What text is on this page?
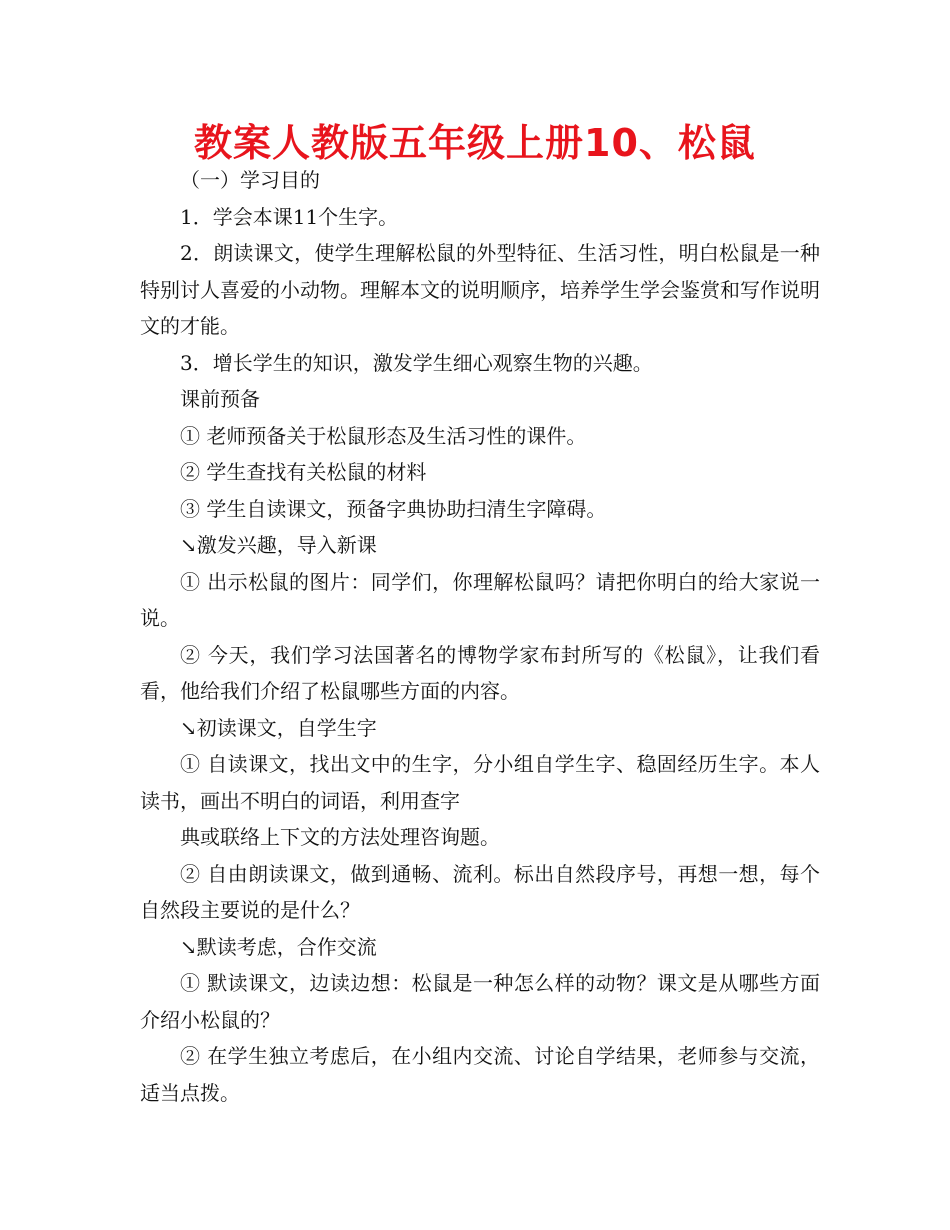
教案人教版五年级上册10、松鼠

（一）学习目的

1．学会本课11个生字。

2．朗读课文，使学生理解松鼠的外型特征、生活习性，明白松鼠是一种特别讨人喜爱的小动物。理解本文的说明顺序，培养学生学会鉴赏和写作说明文的才能。

3．增长学生的知识，激发学生细心观察生物的兴趣。

课前预备

① 老师预备关于松鼠形态及生活习性的课件。

② 学生查找有关松鼠的材料

③ 学生自读课文，预备字典协助扫清生字障碍。

↘激发兴趣，导入新课

① 出示松鼠的图片：同学们，你理解松鼠吗？请把你明白的给大家说一说。

② 今天，我们学习法国著名的博物学家布封所写的《松鼠》，让我们看看，他给我们介绍了松鼠哪些方面的内容。

↘初读课文，自学生字

① 自读课文，找出文中的生字，分小组自学生字、稳固经历生字。本人读书，画出不明白的词语，利用查字

典或联络上下文的方法处理咨询题。

② 自由朗读课文，做到通畅、流利。标出自然段序号，再想一想，每个自然段主要说的是什么？

↘默读考虑，合作交流

① 默读课文，边读边想：松鼠是一种怎么样的动物？课文是从哪些方面介绍小松鼠的？

② 在学生独立考虑后，在小组内交流、讨论自学结果，老师参与交流，适当点拨。
